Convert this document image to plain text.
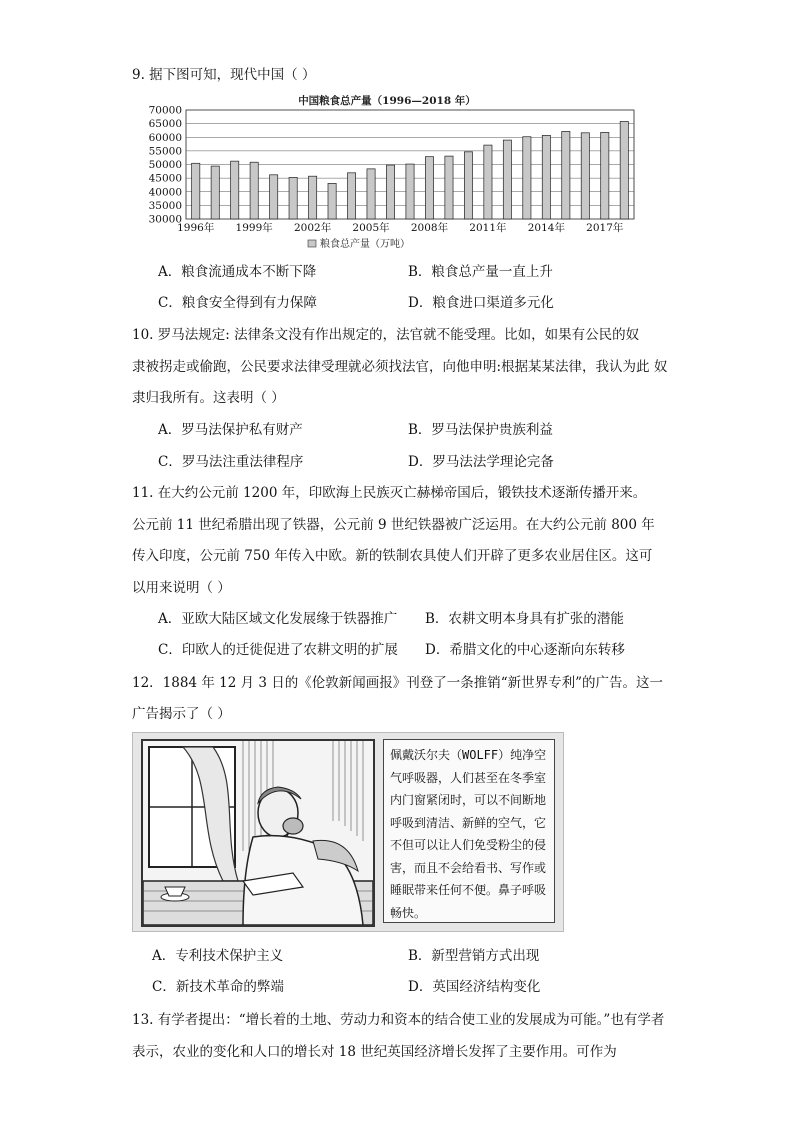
9. 据下图可知，现代中国（ ）
中国粮食总产量（1996—2018 年）
30000
35000
40000
45000
50000
55000
60000
65000
70000
1996年 1999年 2002年 2005年 2008年 2011年 2014年 2017年
粮食总产量（万吨）
A．粮食流通成本不断下降	B．粮食总产量一直上升
C．粮食安全得到有力保障	D．粮食进口渠道多元化
10. 罗马法规定: 法律条文没有作出规定的，法官就不能受理。比如，如果有公民的奴
隶被拐走或偷跑，公民要求法律受理就必须找法官，向他申明:根据某某法律，我认为此 奴
隶归我所有。这表明（ ）
A．罗马法保护私有财产	B．罗马法保护贵族利益
C．罗马法注重法律程序	D．罗马法法学理论完备
11. 在大约公元前 1200 年，印欧海上民族灭亡赫梯帝国后，锻铁技术逐渐传播开来。
公元前 11 世纪希腊出现了铁器，公元前 9 世纪铁器被广泛运用。在大约公元前 800 年
传入印度，公元前 750 年传入中欧。新的铁制农具使人们开辟了更多农业居住区。这可
以用来说明（ ）
A．亚欧大陆区域文化发展缘于铁器推广 B．农耕文明本身具有扩张的潜能
C．印欧人的迁徙促进了农耕文明的扩展 D．希腊文化的中心逐渐向东转移
12．1884 年 12 月 3 日的《伦敦新闻画报》刊登了一条推销“新世界专利”的广告。这一
广告揭示了（ ）
佩戴沃尔夫（WOLFF）纯净空气呼吸器，人们甚至在冬季室内门窗紧闭时，可以不间断地呼吸到清洁、新鲜的空气，它不但可以让人们免受粉尘的侵害，而且不会给看书、写作或睡眠带来任何不便。鼻子呼吸畅快。
A．专利技术保护主义	B．新型营销方式出现
C．新技术革命的弊端	D．英国经济结构变化
13. 有学者提出：“增长着的土地、劳动力和资本的结合使工业的发展成为可能。”也有学者
表示，农业的变化和人口的增长对 18 世纪英国经济增长发挥了主要作用。可作为
